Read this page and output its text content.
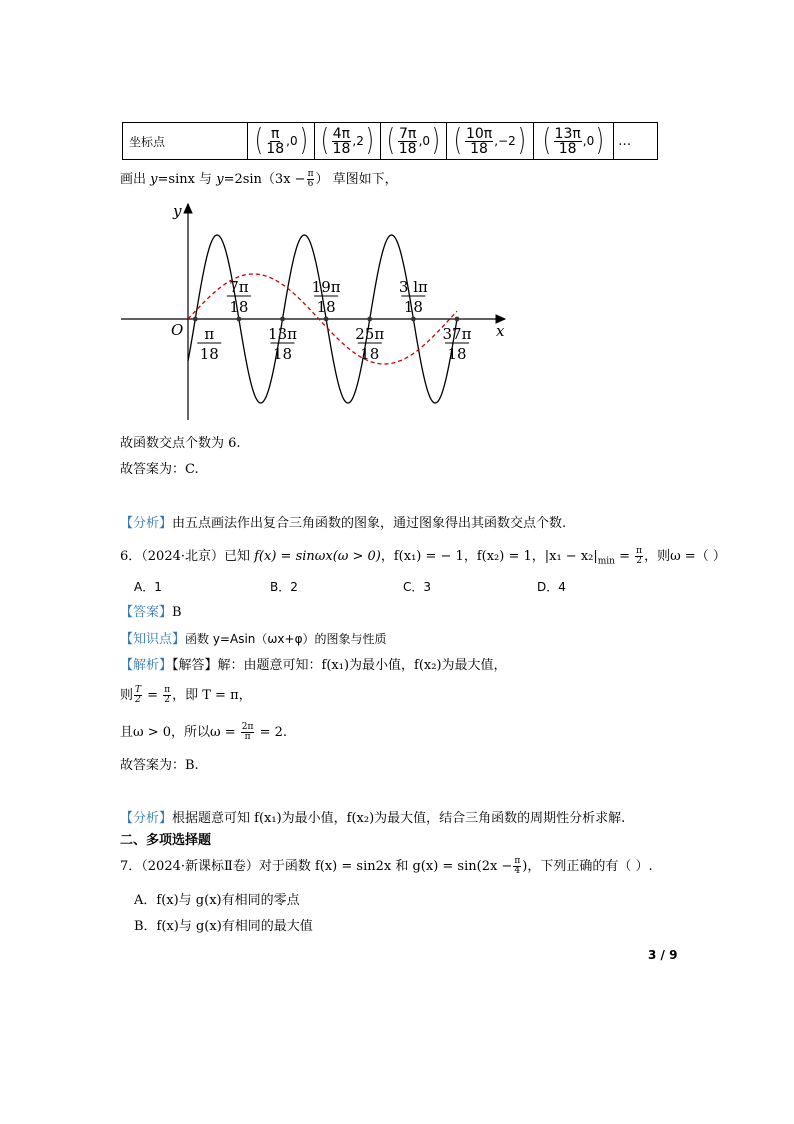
坐标点	( $\frac{\pi}{18}$ , 0 )	( $\frac{4\pi}{18}$ , 2 )	( $\frac{7\pi}{18}$ , 0 )	( $\frac{10\pi}{18}$ , −2 )	( $\frac{13\pi}{18}$ , 0 )	…
画出 y=sinx 与 $y=2\sin(3x - \frac{\pi}{6}$ ） 草图如下，
y
x
O π
18
7π
18
13π
18
19π
18
25π
18
3 lπ
18
37π
18
故函数交点个数为 6.
故答案为：C.
【分析】由五点画法作出复合三角函数的图象，通过图象得出其函数交点个数.
6．（2024·北京）已知 f(x) = sinωx(ω > 0)，f(x₁) = − 1，f(x₂) = 1，$|x_1 - x_2|_{min} = \frac{\pi}{2}$ ，则ω =（ ）
A．1	B．2	C．3	D．4
【答案】B
【知识点】函数 y=Asin（ωx+φ）的图象与性质
【解析】【解答】解：由题意可知：f(x₁)为最小值，f(x₂)为最大值，
则 $\frac{T}{2} = \frac{\pi}{2}$ ，即 T = π，
且ω > 0，所以$\omega = \frac{2\pi}{\pi} = 2$.
故答案为：B.
【分析】根据题意可知 f(x₁)为最小值，f(x₂)为最大值，结合三角函数的周期性分析求解.
二、多项选择题
7．（2024·新课标Ⅱ卷）对于函数 f(x) = sin2x 和 $g(x) = \sin(2x - \frac{\pi}{4}$ )，下列正确的有（ ）.
A．f(x)与 g(x)有相同的零点
B．f(x)与 g(x)有相同的最大值
3 / 9
